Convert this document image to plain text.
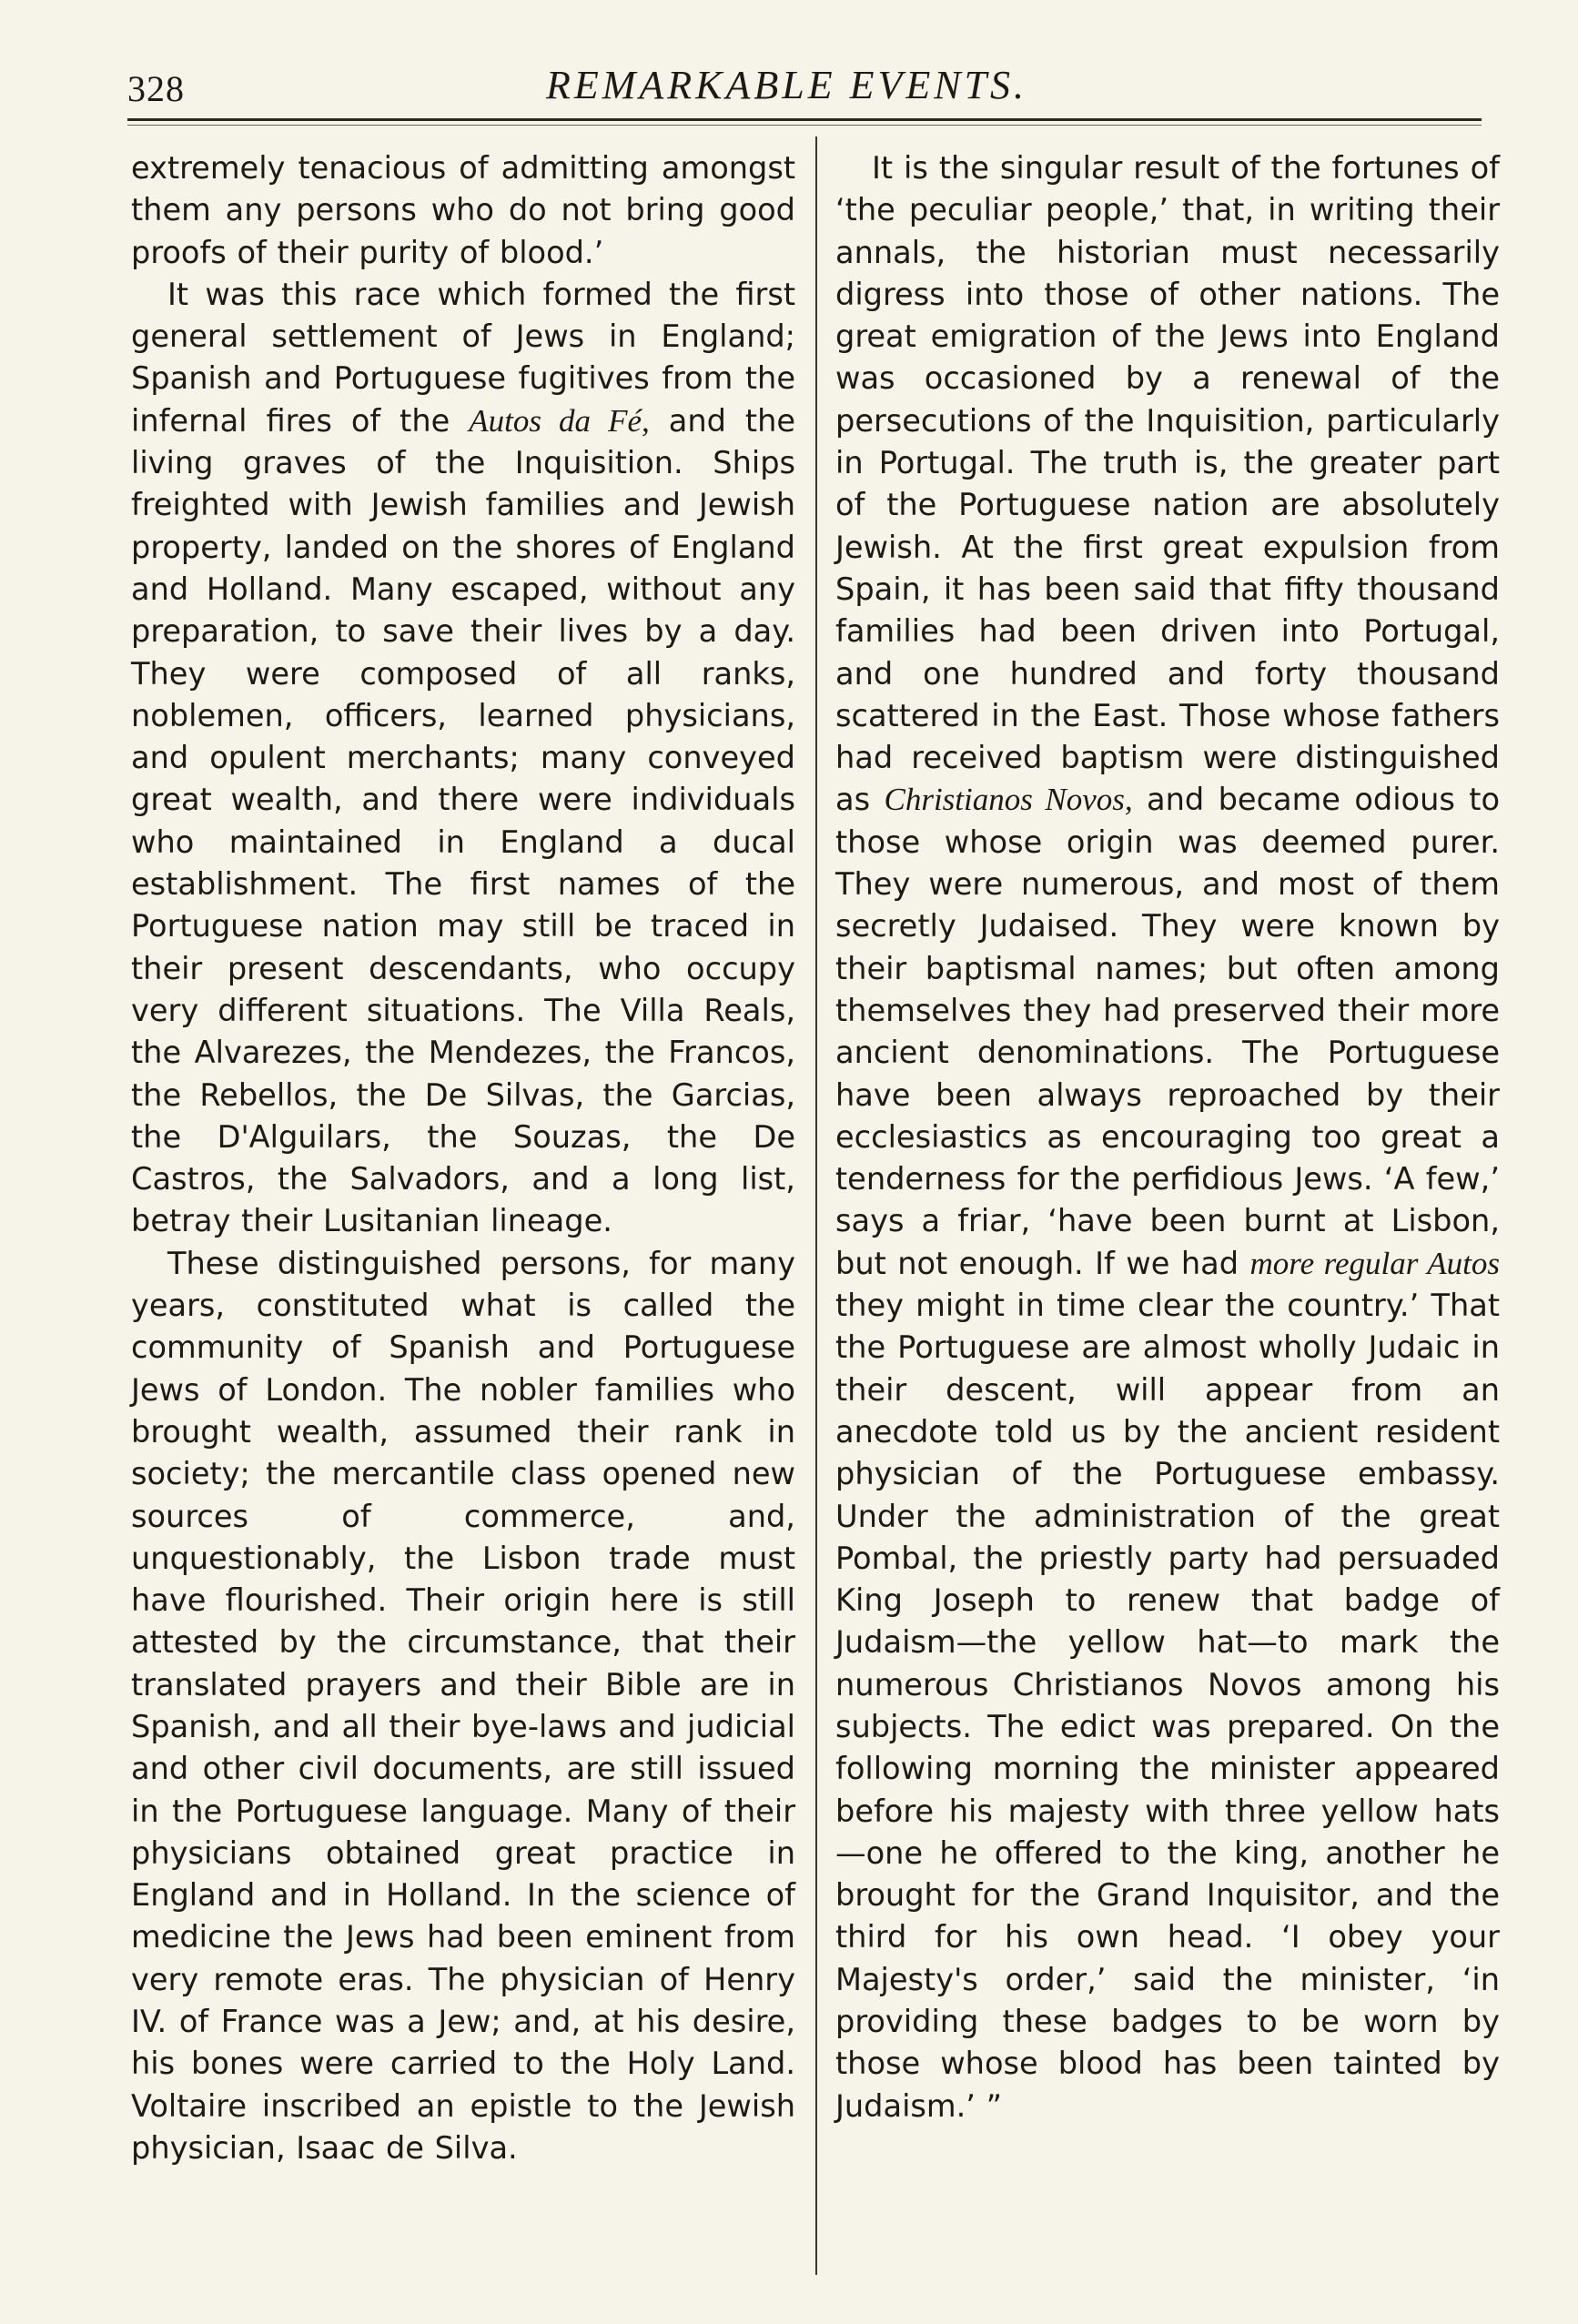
328	REMARKABLE EVENTS.

extremely tenacious of admitting amongst them any persons who do not bring good proofs of their purity of blood.’

It was this race which formed the first general settlement of Jews in England; Spanish and Portuguese fugitives from the infernal fires of the Autos da Fé, and the living graves of the Inquisition. Ships freighted with Jewish families and Jewish property, landed on the shores of England and Holland. Many escaped, without any preparation, to save their lives by a day. They were composed of all ranks, noblemen, officers, learned physicians, and opulent merchants; many conveyed great wealth, and there were individuals who maintained in England a ducal establishment. The first names of the Portuguese nation may still be traced in their present descendants, who occupy very different situations. The Villa Reals, the Alvarezes, the Mendezes, the Francos, the Rebellos, the De Silvas, the Garcias, the D'Alguilars, the Souzas, the De Castros, the Salvadors, and a long list, betray their Lusitanian lineage.

These distinguished persons, for many years, constituted what is called the community of Spanish and Portuguese Jews of London. The nobler families who brought wealth, assumed their rank in society; the mercantile class opened new sources of commerce, and, unquestionably, the Lisbon trade must have flourished. Their origin here is still attested by the circumstance, that their translated prayers and their Bible are in Spanish, and all their bye-laws and judicial and other civil documents, are still issued in the Portuguese language. Many of their physicians obtained great practice in England and in Holland. In the science of medicine the Jews had been eminent from very remote eras. The physician of Henry IV. of France was a Jew; and, at his desire, his bones were carried to the Holy Land. Voltaire inscribed an epistle to the Jewish physician, Isaac de Silva.

It is the singular result of the fortunes of ‘the peculiar people,’ that, in writing their annals, the historian must necessarily digress into those of other nations. The great emigration of the Jews into England was occasioned by a renewal of the persecutions of the Inquisition, particularly in Portugal. The truth is, the greater part of the Portuguese nation are absolutely Jewish. At the first great expulsion from Spain, it has been said that fifty thousand families had been driven into Portugal, and one hundred and forty thousand scattered in the East. Those whose fathers had received baptism were distinguished as Christianos Novos, and became odious to those whose origin was deemed purer. They were numerous, and most of them secretly Judaised. They were known by their baptismal names; but often among themselves they had preserved their more ancient denominations. The Portuguese have been always reproached by their ecclesiastics as encouraging too great a tenderness for the perfidious Jews. ‘A few,’ says a friar, ‘have been burnt at Lisbon, but not enough. If we had more regular Autos they might in time clear the country.’ That the Portuguese are almost wholly Judaic in their descent, will appear from an anecdote told us by the ancient resident physician of the Portuguese embassy. Under the administration of the great Pombal, the priestly party had persuaded King Joseph to renew that badge of Judaism—the yellow hat—to mark the numerous Christianos Novos among his subjects. The edict was prepared. On the following morning the minister appeared before his majesty with three yellow hats—one he offered to the king, another he brought for the Grand Inquisitor, and the third for his own head. ‘I obey your Majesty's order,’ said the minister, ‘in providing these badges to be worn by those whose blood has been tainted by Judaism.’ ”
